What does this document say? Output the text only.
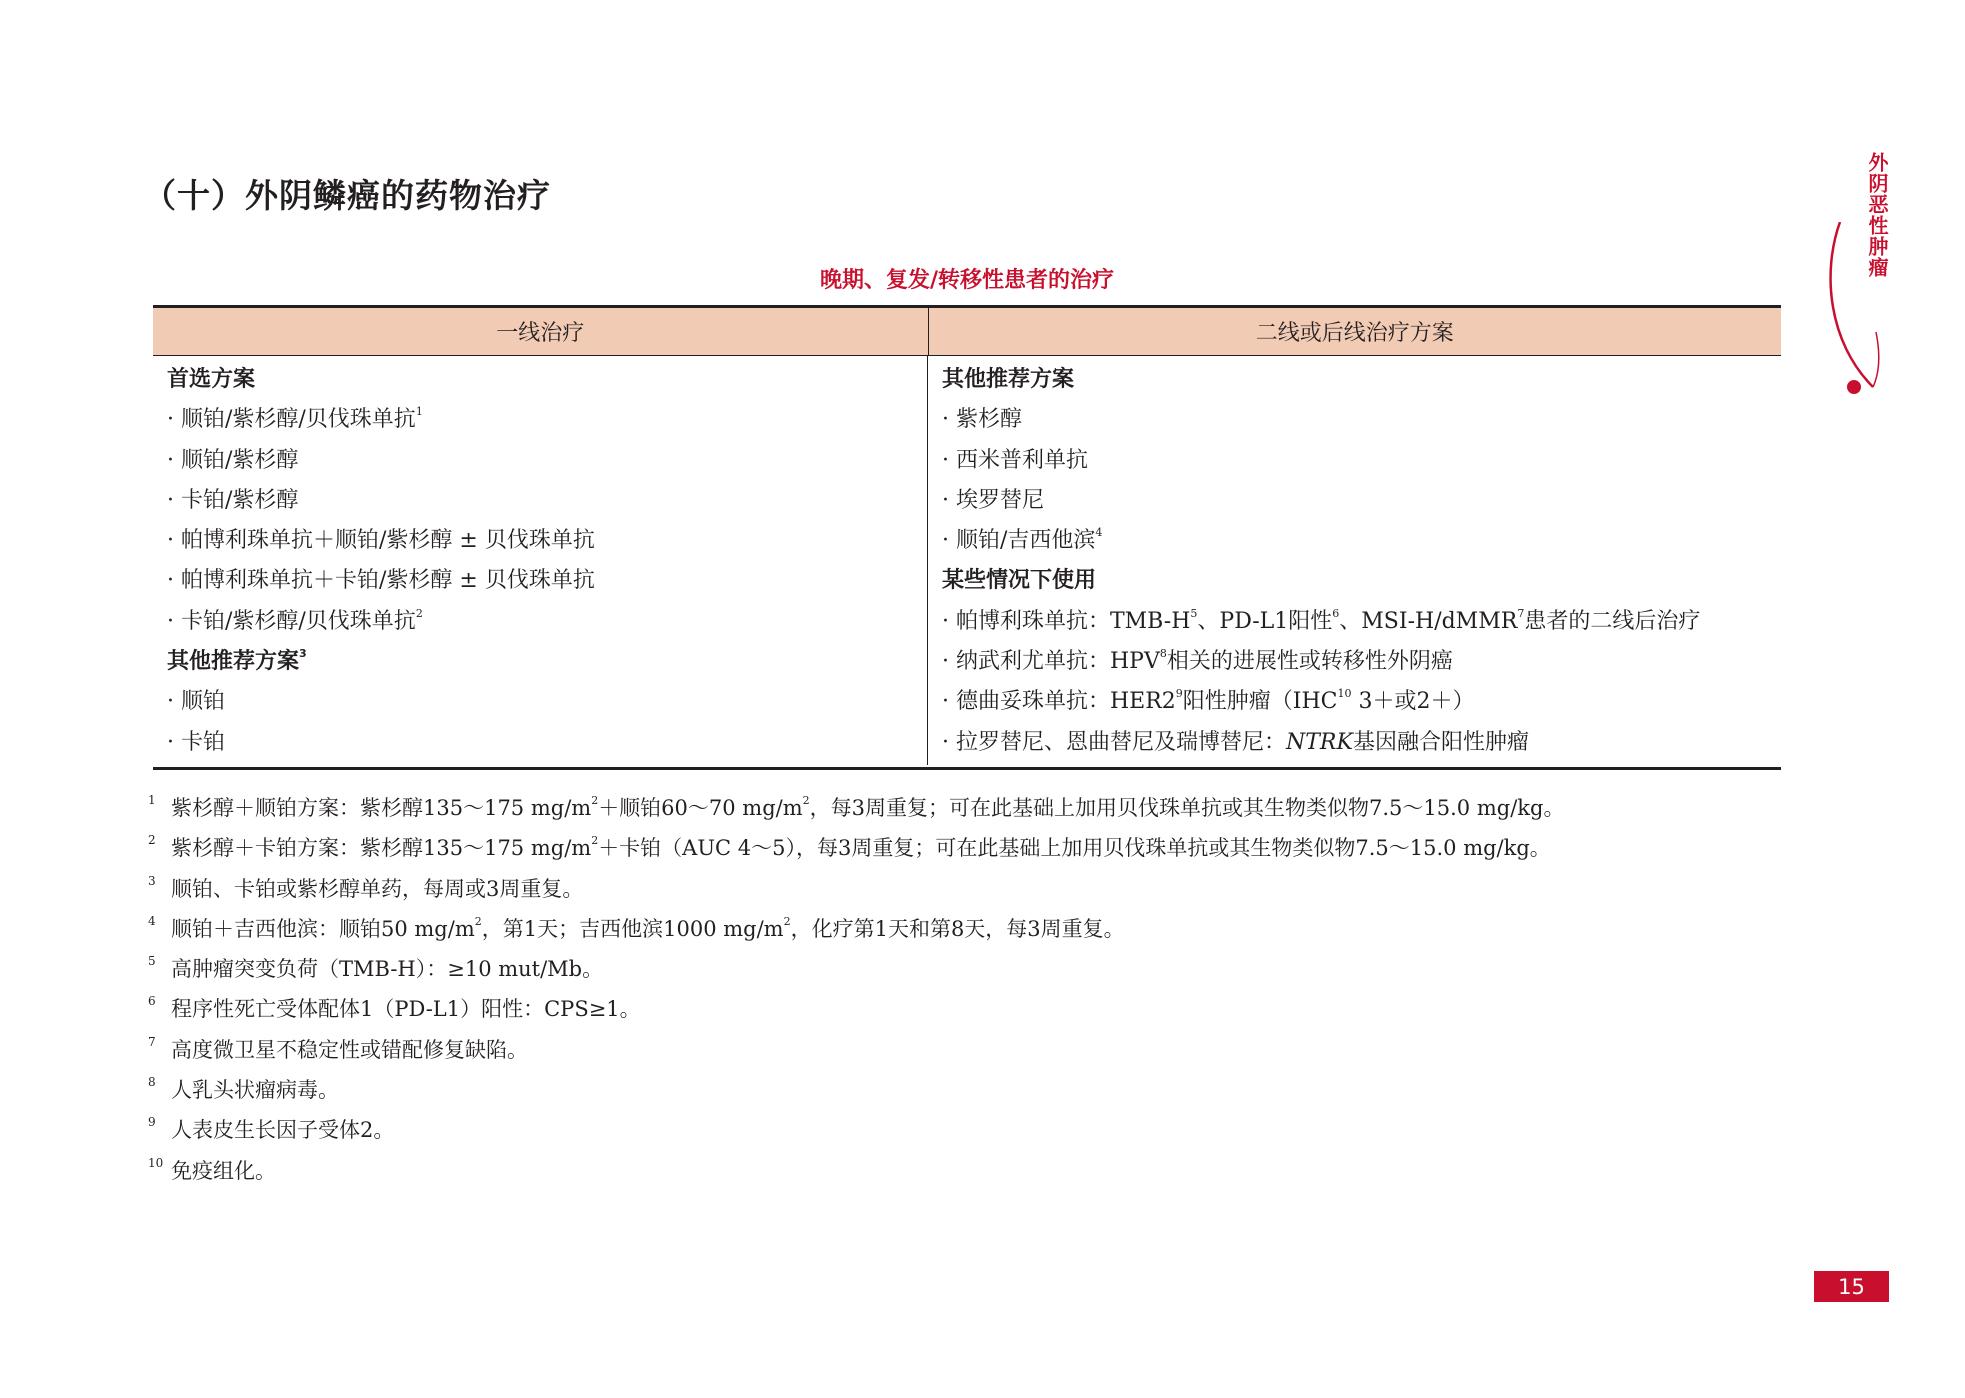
（十）外阴鳞癌的药物治疗	外阴恶性肿瘤
晚期、复发/转移性患者的治疗
一线治疗	二线或后线治疗方案
首选方案
· 顺铂/紫杉醇/贝伐珠单抗$^1$
· 顺铂/紫杉醇
· 卡铂/紫杉醇
· 帕博利珠单抗＋顺铂/紫杉醇 ± 贝伐珠单抗
· 帕博利珠单抗＋卡铂/紫杉醇 ± 贝伐珠单抗
· 卡铂/紫杉醇/贝伐珠单抗$^2$
其他推荐方案$^3$
· 顺铂
· 卡铂
其他推荐方案
· 紫杉醇
· 西米普利单抗
· 埃罗替尼
· 顺铂/吉西他滨$^4$
某些情况下使用
· 帕博利珠单抗：TMB-$H^5$、PD-L1阳性$^6$、MSI-H/dMMR$^7$患者的二线后治疗
· 纳武利尤单抗：HPV$^8$相关的进展性或转移性外阴癌
· 德曲妥珠单抗：$HER2^9$阳性肿瘤（IHC$^{10}$ 3＋或2＋）
· 拉罗替尼、恩曲替尼及瑞博替尼：NTRK基因融合阳性肿瘤
1 紫杉醇＋顺铂方案：紫杉醇135～175 $mg/m^2+$顺铂60～70 $mg/m^2$，每3周重复；可在此基础上加用贝伐珠单抗或其生物类似物7.5～15.0 mg/kg。
2 紫杉醇＋卡铂方案：紫杉醇135～175 $mg/m^2+$卡铂（AUC 4～5），每3周重复；可在此基础上加用贝伐珠单抗或其生物类似物7.5～15.0 mg/kg。
3 顺铂、卡铂或紫杉醇单药，每周或3周重复。
4 顺铂＋吉西他滨：顺铂50 $mg/m^2$，第1天；吉西他滨1000 $mg/m^2$，化疗第1天和第8天，每3周重复。
5 高肿瘤突变负荷（TMB-H）：≥10 mut/Mb。
6 程序性死亡受体配体1（PD-L1）阳性：CPS≥1。
7 高度微卫星不稳定性或错配修复缺陷。
8 人乳头状瘤病毒。
9 人表皮生长因子受体2。
10 免疫组化。
15
